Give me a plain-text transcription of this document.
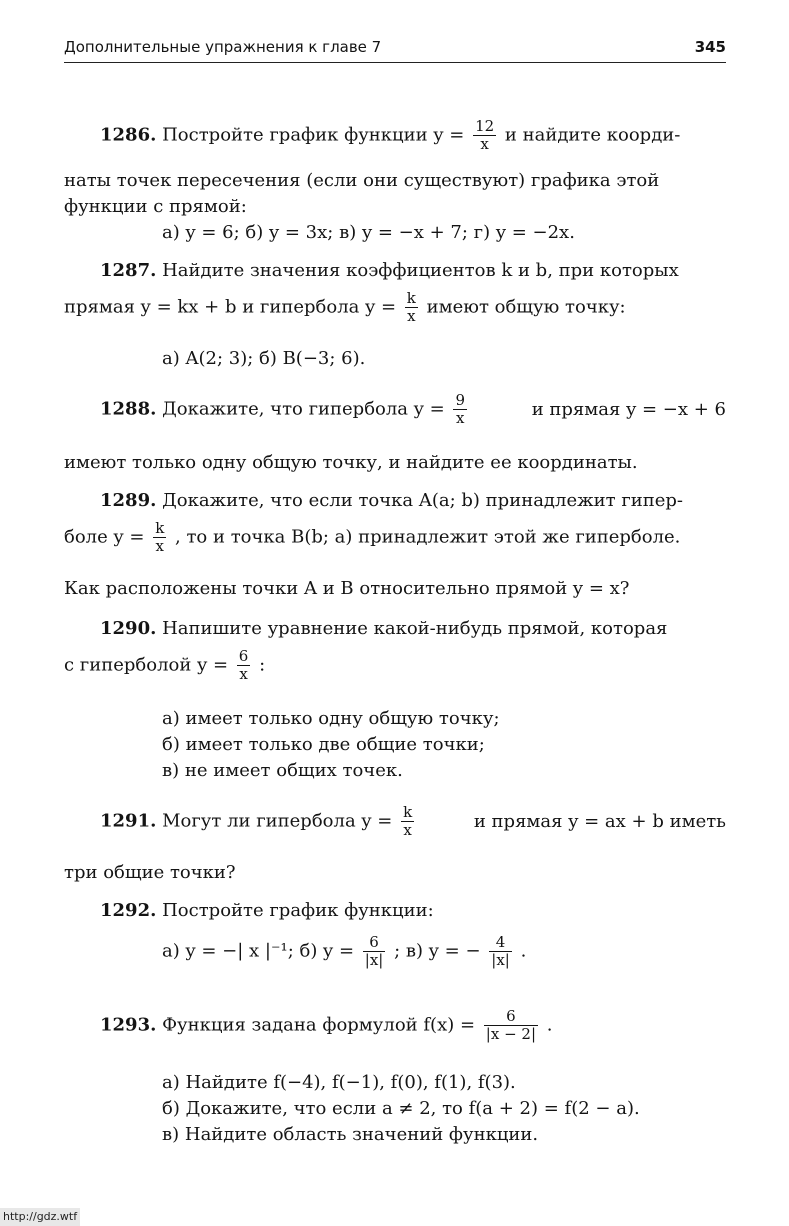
Дополнительные упражнения к главе 7	345
1286. Постройте график функции $y = \frac{12}{x}$ и найдите коорди-
наты точек пересечения (если они существуют) графика этой
функции с прямой:
а) y = 6; б) y = 3x; в) y = −x + 7; г) y = −2x.
1287. Найдите значения коэффициентов k и b, при которых
прямая y = kx + b и гипербола $y = \frac{k}{x}$ имеют общую точку:
а) A(2; 3); б) B(−3; 6).
1288. Докажите, что гипербола $y = \frac{9}{x}$	и прямая y = −x + 6
имеют только одну общую точку, и найдите ее координаты.
1289. Докажите, что если точка A(a; b) принадлежит гипер-
боле $y = \frac{k}{x}$ , то и точка B(b; a) принадлежит этой же гиперболе.
Как расположены точки A и B относительно прямой y = x?
1290. Напишите уравнение какой-нибудь прямой, которая
с гиперболой $y = \frac{6}{x}$ :
а) имеет только одну общую точку;
б) имеет только две общие точки;
в) не имеет общих точек.
1291. Могут ли гипербола $y = \frac{k}{x}$	и прямая y = ax + b иметь
три общие точки?
1292. Постройте график функции:
а) y = −| x |⁻¹; б) $y = \frac{6}{|x|}$ ; в) y = − $\frac{4}{|x|}$ .
1293. Функция задана формулой $f(x) = \frac{6}{|x - 2|}$ .
а) Найдите f(−4), f(−1), f(0), f(1), f(3).
б) Докажите, что если a ≠ 2, то f(a + 2) = f(2 − a).
в) Найдите область значений функции.
http://gdz.wtf
